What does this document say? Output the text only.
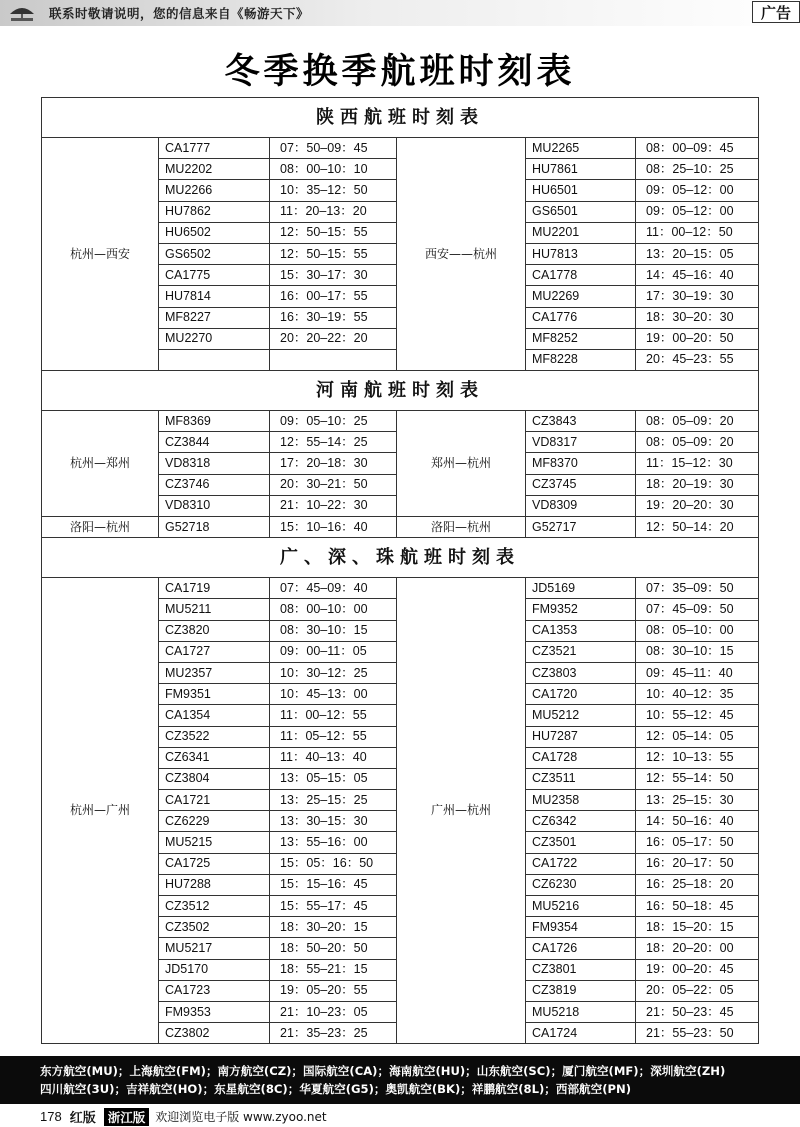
联系时敬请说明，您的信息来自《畅游天下》	广告
冬季换季航班时刻表
陕西航班时刻表					
杭州—西安	CA1777	07：50–09：45	西安——杭州	MU2265	08：00–09：45
	MU2202	08：00–10：10		HU7861	08：25–10：25
	MU2266	10：35–12：50		HU6501	09：05–12：00
	HU7862	11：20–13：20		GS6501	09：05–12：00
	HU6502	12：50–15：55		MU2201	11：00–12：50
	GS6502	12：50–15：55		HU7813	13：20–15：05
	CA1775	15：30–17：30		CA1778	14：45–16：40
	HU7814	16：00–17：55		MU2269	17：30–19：30
	MF8227	16：30–19：55		CA1776	18：30–20：30
	MU2270	20：20–22：20		MF8252	19：00–20：50
				MF8228	20：45–23：55
河南航班时刻表					
杭州—郑州	MF8369	09：05–10：25	郑州—杭州	CZ3843	08：05–09：20
	CZ3844	12：55–14：25		VD8317	08：05–09：20
	VD8318	17：20–18：30		MF8370	11：15–12：30
	CZ3746	20：30–21：50		CZ3745	18：20–19：30
	VD8310	21：10–22：30		VD8309	19：20–20：30
洛阳—杭州	G52718	15：10–16：40	洛阳—杭州	G52717	12：50–14：20
广、深、珠航班时刻表					
杭州—广州	CA1719	07：45–09：40	广州—杭州	JD5169	07：35–09：50
	MU5211	08：00–10：00		FM9352	07：45–09：50
	CZ3820	08：30–10：15		CA1353	08：05–10：00
	CA1727	09：00–11：05		CZ3521	08：30–10：15
	MU2357	10：30–12：25		CZ3803	09：45–11：40
	FM9351	10：45–13：00		CA1720	10：40–12：35
	CA1354	11：00–12：55		MU5212	10：55–12：45
	CZ3522	11：05–12：55		HU7287	12：05–14：05
	CZ6341	11：40–13：40		CA1728	12：10–13：55
	CZ3804	13：05–15：05		CZ3511	12：55–14：50
	CA1721	13：25–15：25		MU2358	13：25–15：30
	CZ6229	13：30–15：30		CZ6342	14：50–16：40
	MU5215	13：55–16：00		CZ3501	16：05–17：50
	CA1725	15：05：16：50		CA1722	16：20–17：50
	HU7288	15：15–16：45		CZ6230	16：25–18：20
	CZ3512	15：55–17：45		MU5216	16：50–18：45
	CZ3502	18：30–20：15		FM9354	18：15–20：15
	MU5217	18：50–20：50		CA1726	18：20–20：00
	JD5170	18：55–21：15		CZ3801	19：00–20：45
	CA1723	19：05–20：55		CZ3819	20：05–22：05
	FM9353	21：10–23：05		MU5218	21：50–23：45
	CZ3802	21：35–23：25		CA1724	21：55–23：50
东方航空(MU)；上海航空(FM)；南方航空(CZ)；国际航空(CA)；海南航空(HU)；山东航空(SC)；厦门航空(MF)；深圳航空(ZH)
四川航空(3U)；吉祥航空(HO)；东星航空(8C)；华夏航空(G5)；奥凯航空(BK)；祥鹏航空(8L)；西部航空(PN)
178 红版 浙江版 欢迎浏览电子版 www.zyoo.net
